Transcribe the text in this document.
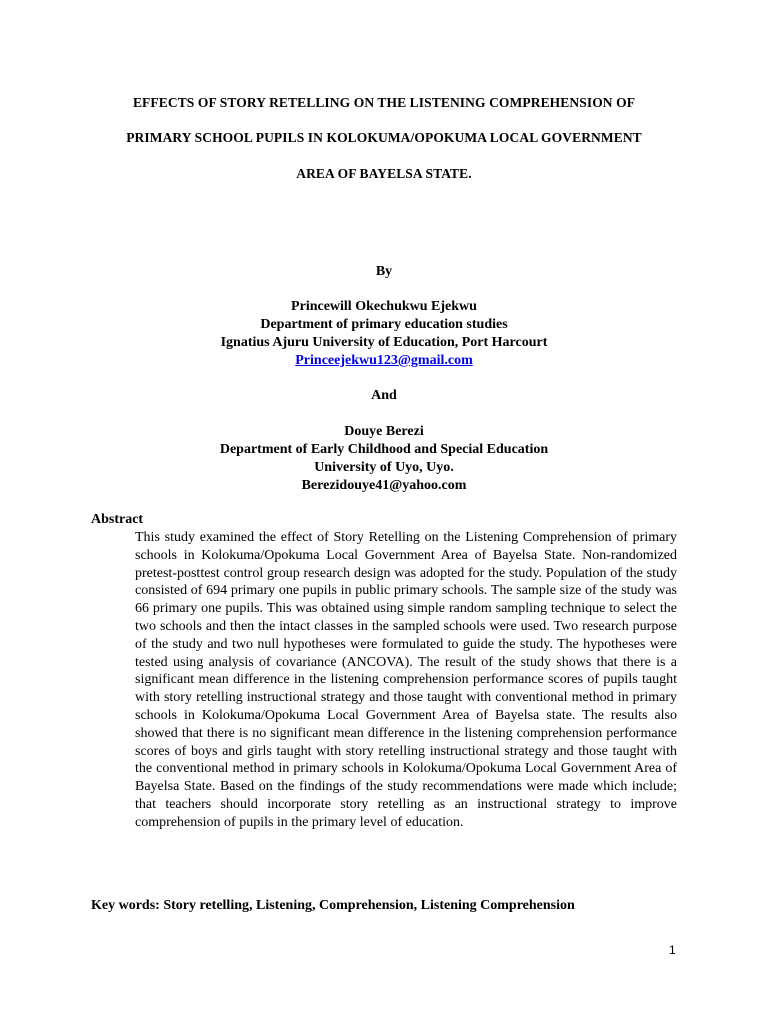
EFFECTS OF STORY RETELLING ON THE LISTENING COMPREHENSION OF
PRIMARY SCHOOL PUPILS IN KOLOKUMA/OPOKUMA LOCAL GOVERNMENT
AREA OF BAYELSA STATE.
By
Princewill Okechukwu Ejekwu
Department of primary education studies
Ignatius Ajuru University of Education, Port Harcourt
Princeejekwu123@gmail.com
And
Douye Berezi
Department of Early Childhood and Special Education
University of Uyo, Uyo.
Berezidouye41@yahoo.com
Abstract
This study examined the effect of Story Retelling on the Listening Comprehension of primary schools in Kolokuma/Opokuma Local Government Area of Bayelsa State. Non-randomized pretest-posttest control group research design was adopted for the study. Population of the study consisted of 694 primary one pupils in public primary schools. The sample size of the study was 66 primary one pupils. This was obtained using simple random sampling technique to select the two schools and then the intact classes in the sampled schools were used. Two research purpose of the study and two null hypotheses were formulated to guide the study. The hypotheses were tested using analysis of covariance (ANCOVA). The result of the study shows that there is a significant mean difference in the listening comprehension performance scores of pupils taught with story retelling instructional strategy and those taught with conventional method in primary schools in Kolokuma/Opokuma Local Government Area of Bayelsa state. The results also showed that there is no significant mean difference in the listening comprehension performance scores of boys and girls taught with story retelling instructional strategy and those taught with the conventional method in primary schools in Kolokuma/Opokuma Local Government Area of Bayelsa State. Based on the findings of the study recommendations were made which include; that teachers should incorporate story retelling as an instructional strategy to improve comprehension of pupils in the primary level of education.
Key words: Story retelling, Listening, Comprehension, Listening Comprehension
1
